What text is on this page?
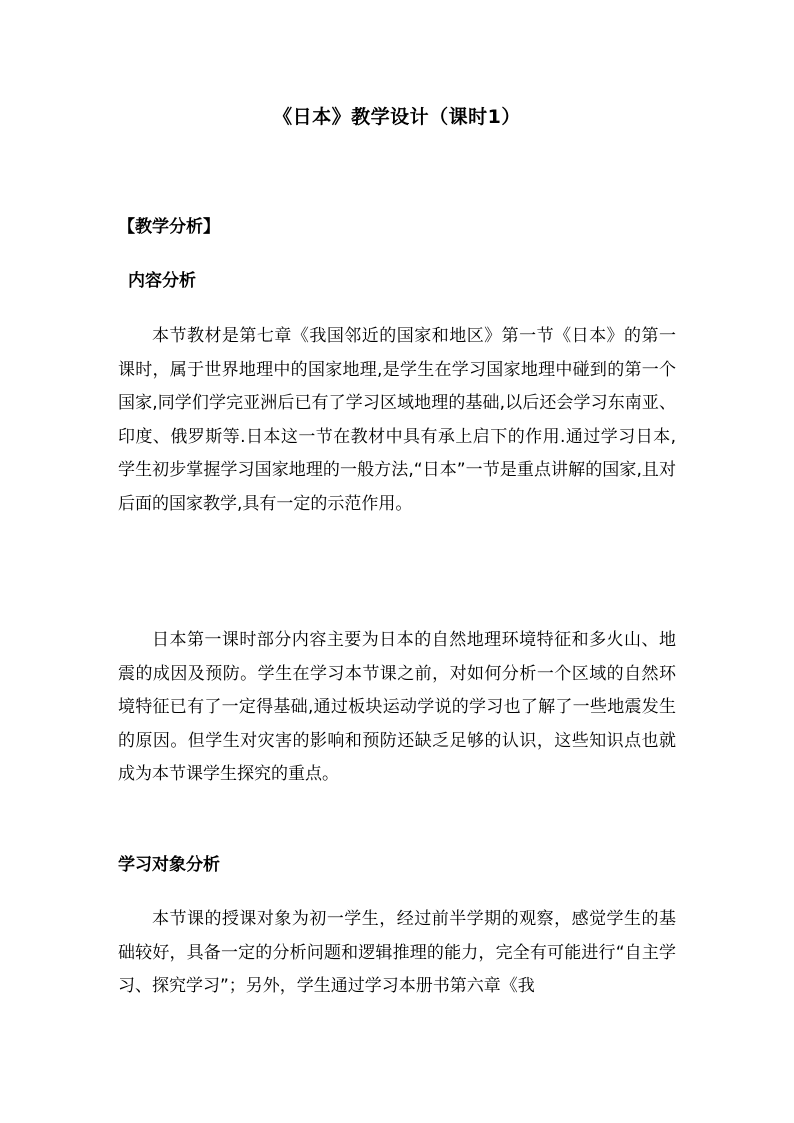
《日本》教学设计（课时1）
【教学分析】
内容分析

本节教材是第七章《我国邻近的国家和地区》第一节《日本》的第一课时，属于世界地理中的国家地理,是学生在学习国家地理中碰到的第一个国家,同学们学完亚洲后已有了学习区域地理的基础,以后还会学习东南亚、印度、俄罗斯等.日本这一节在教材中具有承上启下的作用.通过学习日本,学生初步掌握学习国家地理的一般方法,“日本”一节是重点讲解的国家,且对后面的国家教学,具有一定的示范作用。

日本第一课时部分内容主要为日本的自然地理环境特征和多火山、地震的成因及预防。学生在学习本节课之前，对如何分析一个区域的自然环境特征已有了一定得基础,通过板块运动学说的学习也了解了一些地震发生的原因。但学生对灾害的影响和预防还缺乏足够的认识，这些知识点也就成为本节课学生探究的重点。

学习对象分析

本节课的授课对象为初一学生，经过前半学期的观察，感觉学生的基础较好，具备一定的分析问题和逻辑推理的能力，完全有可能进行“自主学习、探究学习”；另外，学生通过学习本册书第六章《我
